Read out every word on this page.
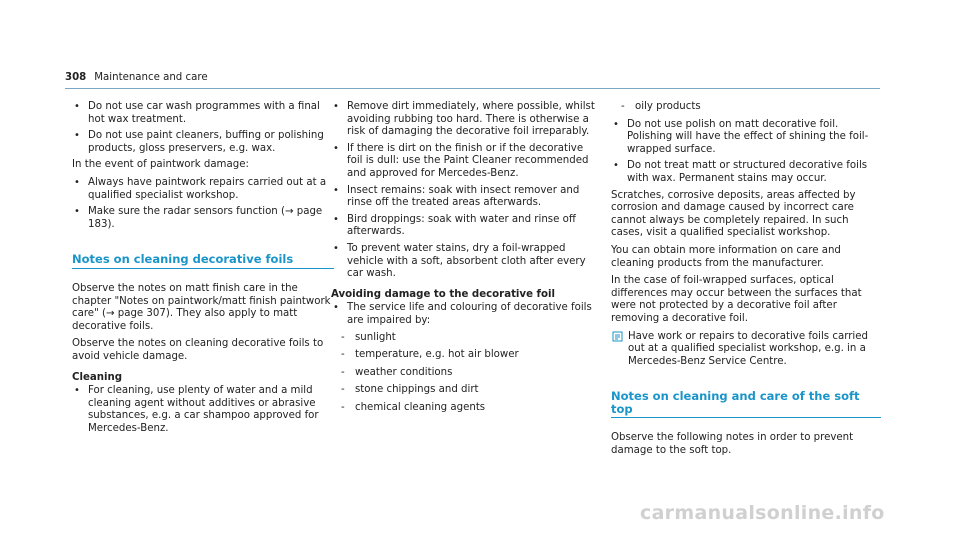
308 Maintenance and care
• Do not use car wash programmes with a final hot wax treatment.
• Do not use paint cleaners, buffing or polishing products, gloss preservers, e.g. wax.

In the event of paintwork damage:

• Always have paintwork repairs carried out at a qualified specialist workshop.
• Make sure the radar sensors function (→ page 183).
Notes on cleaning decorative foils

Observe the notes on matt finish care in the chapter "Notes on paintwork/matt finish paintwork care" (→ page 307). They also apply to matt decorative foils.

Observe the notes on cleaning decorative foils to avoid vehicle damage.

Cleaning
• For cleaning, use plenty of water and a mild cleaning agent without additives or abrasive substances, e.g. a car shampoo approved for Mercedes-Benz.
• Remove dirt immediately, where possible, whilst avoiding rubbing too hard. There is otherwise a risk of damaging the decorative foil irreparably.
• If there is dirt on the finish or if the decorative foil is dull: use the Paint Cleaner recommended and approved for Mercedes-Benz.
• Insect remains: soak with insect remover and rinse off the treated areas afterwards.
• Bird droppings: soak with water and rinse off afterwards.
• To prevent water stains, dry a foil-wrapped vehicle with a soft, absorbent cloth after every car wash.
Avoiding damage to the decorative foil
• The service life and colouring of decorative foils are impaired by:
- sunlight
- temperature, e.g. hot air blower
- weather conditions
- stone chippings and dirt
- chemical cleaning agents
- oily products
• Do not use polish on matt decorative foil. Polishing will have the effect of shining the foil-wrapped surface.
• Do not treat matt or structured decorative foils with wax. Permanent stains may occur.

Scratches, corrosive deposits, areas affected by corrosion and damage caused by incorrect care cannot always be completely repaired. In such cases, visit a qualified specialist workshop.

You can obtain more information on care and cleaning products from the manufacturer.

In the case of foil-wrapped surfaces, optical differences may occur between the surfaces that were not protected by a decorative foil after removing a decorative foil.

Have work or repairs to decorative foils carried out at a qualified specialist workshop, e.g. in a Mercedes-Benz Service Centre.
Notes on cleaning and care of the soft top

Observe the following notes in order to prevent damage to the soft top.

carmanualsonline.info
